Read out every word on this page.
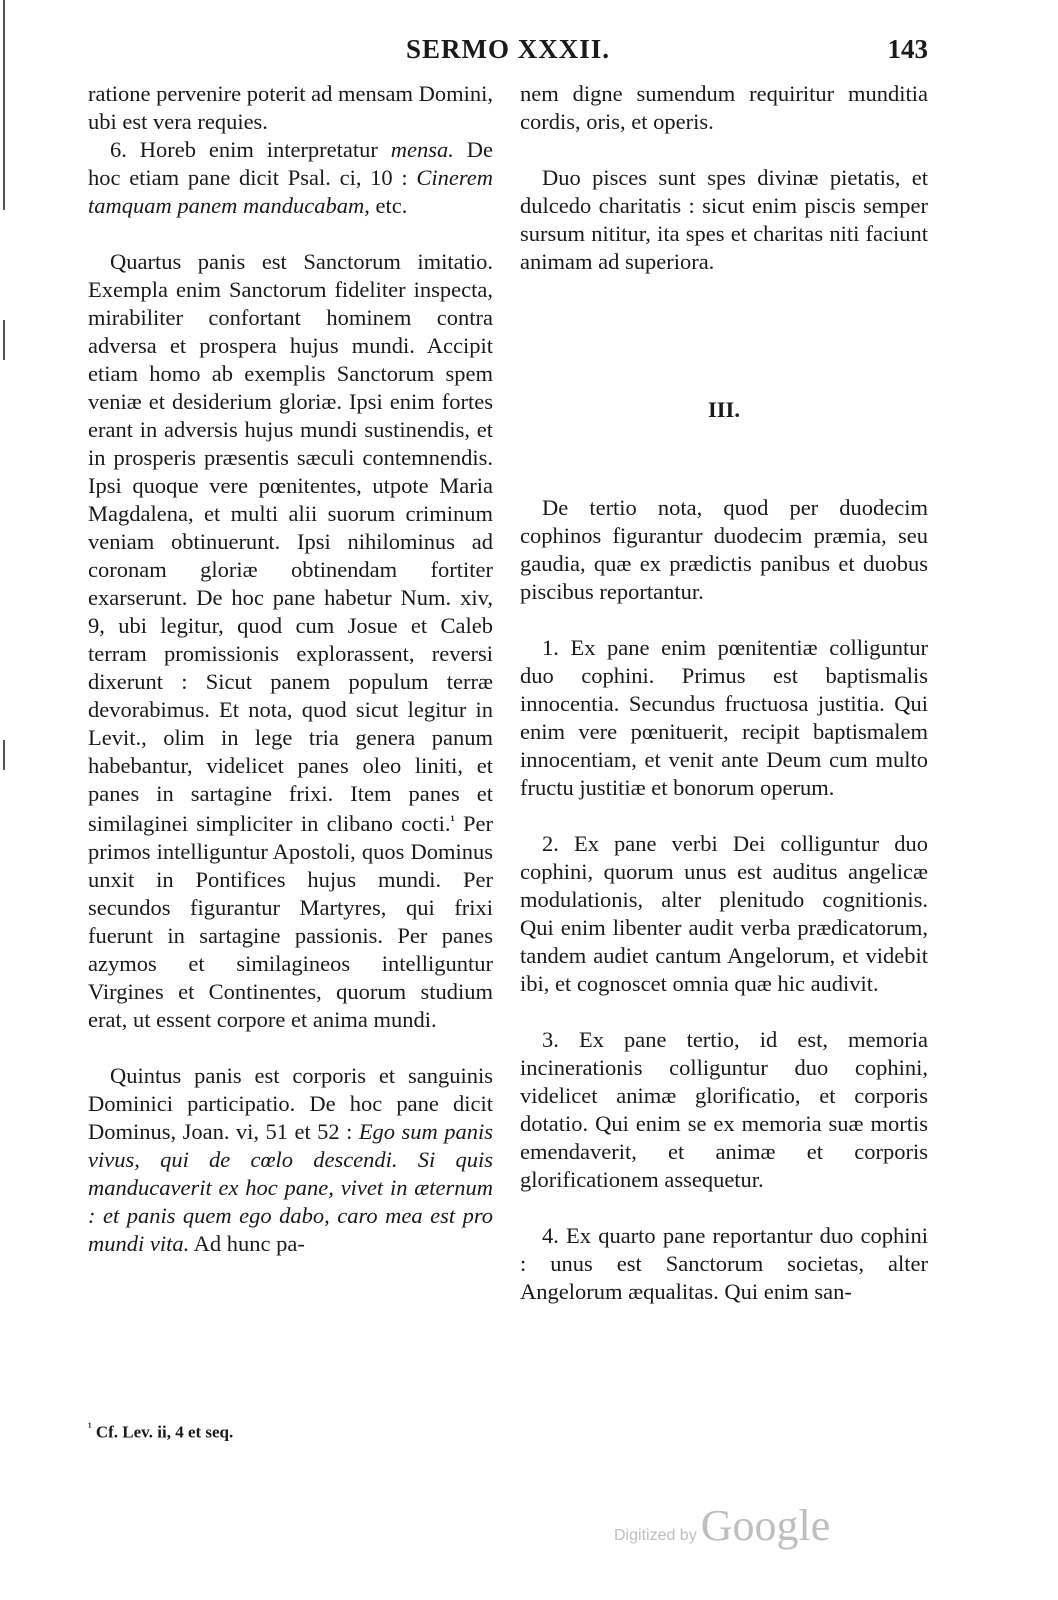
SERMO XXXII.	143

ratione pervenire poterit ad mensam Domini, ubi est vera requies.

6. Horeb enim interpretatur mensa. De hoc etiam pane dicit Psal. ci, 10 : Cinerem tamquam panem manducabam, etc.

Quartus panis est Sanctorum imitatio. Exempla enim Sanctorum fideliter inspecta, mirabiliter confortant hominem contra adversa et prospera hujus mundi. Accipit etiam homo ab exemplis Sanctorum spem veniæ et desiderium gloriæ. Ipsi enim fortes erant in adversis hujus mundi sustinendis, et in prosperis præsentis sæculi contemnendis. Ipsi quoque vere pœnitentes, utpote Maria Magdalena, et multi alii suorum criminum veniam obtinuerunt. Ipsi nihilominus ad coronam gloriæ obtinendam fortiter exarserunt. De hoc pane habetur Num. xiv, 9, ubi legitur, quod cum Josue et Caleb terram promissionis explorassent, reversi dixerunt : Sicut panem populum terræ devorabimus. Et nota, quod sicut legitur in Levit., olim in lege tria genera panum habebantur, videlicet panes oleo liniti, et panes in sartagine frixi. Item panes et similaginei simpliciter in clibano cocti.$^{^1}$ Per primos intelliguntur Apostoli, quos Dominus unxit in Pontifices hujus mundi. Per secundos figurantur Martyres, qui frixi fuerunt in sartagine passionis. Per panes azymos et similagineos intelliguntur Virgines et Continentes, quorum studium erat, ut essent corpore et anima mundi.

Quintus panis est corporis et sanguinis Dominici participatio. De hoc pane dicit Dominus, Joan. vi, 51 et 52 : Ego sum panis vivus, qui de cœlo descendi. Si quis manducaverit ex hoc pane, vivet in æternum : et panis quem ego dabo, caro mea est pro mundi vita. Ad hunc pa-

nem digne sumendum requiritur munditia cordis, oris, et operis.

Duo pisces sunt spes divinæ pietatis, et dulcedo charitatis : sicut enim piscis semper sursum nititur, ita spes et charitas niti faciunt animam ad superiora.

III.

De tertio nota, quod per duodecim cophinos figurantur duodecim præmia, seu gaudia, quæ ex prædictis panibus et duobus piscibus reportantur.

1. Ex pane enim pœnitentiæ colliguntur duo cophini. Primus est baptismalis innocentia. Secundus fructuosa justitia. Qui enim vere pœnituerit, recipit baptismalem innocentiam, et venit ante Deum cum multo fructu justitiæ et bonorum operum.

2. Ex pane verbi Dei colliguntur duo cophini, quorum unus est auditus angelicæ modulationis, alter plenitudo cognitionis. Qui enim libenter audit verba prædicatorum, tandem audiet cantum Angelorum, et videbit ibi, et cognoscet omnia quæ hic audivit.

3. Ex pane tertio, id est, memoria incinerationis colliguntur duo cophini, videlicet animæ glorificatio, et corporis dotatio. Qui enim se ex memoria suæ mortis emendaverit, et animæ et corporis glorificationem assequetur.

4. Ex quarto pane reportantur duo cophini : unus est Sanctorum societas, alter Angelorum æqualitas. Qui enim san-

$^{^1}$ Cf. Lev. ii, 4 et seq.
Digitized by Google
